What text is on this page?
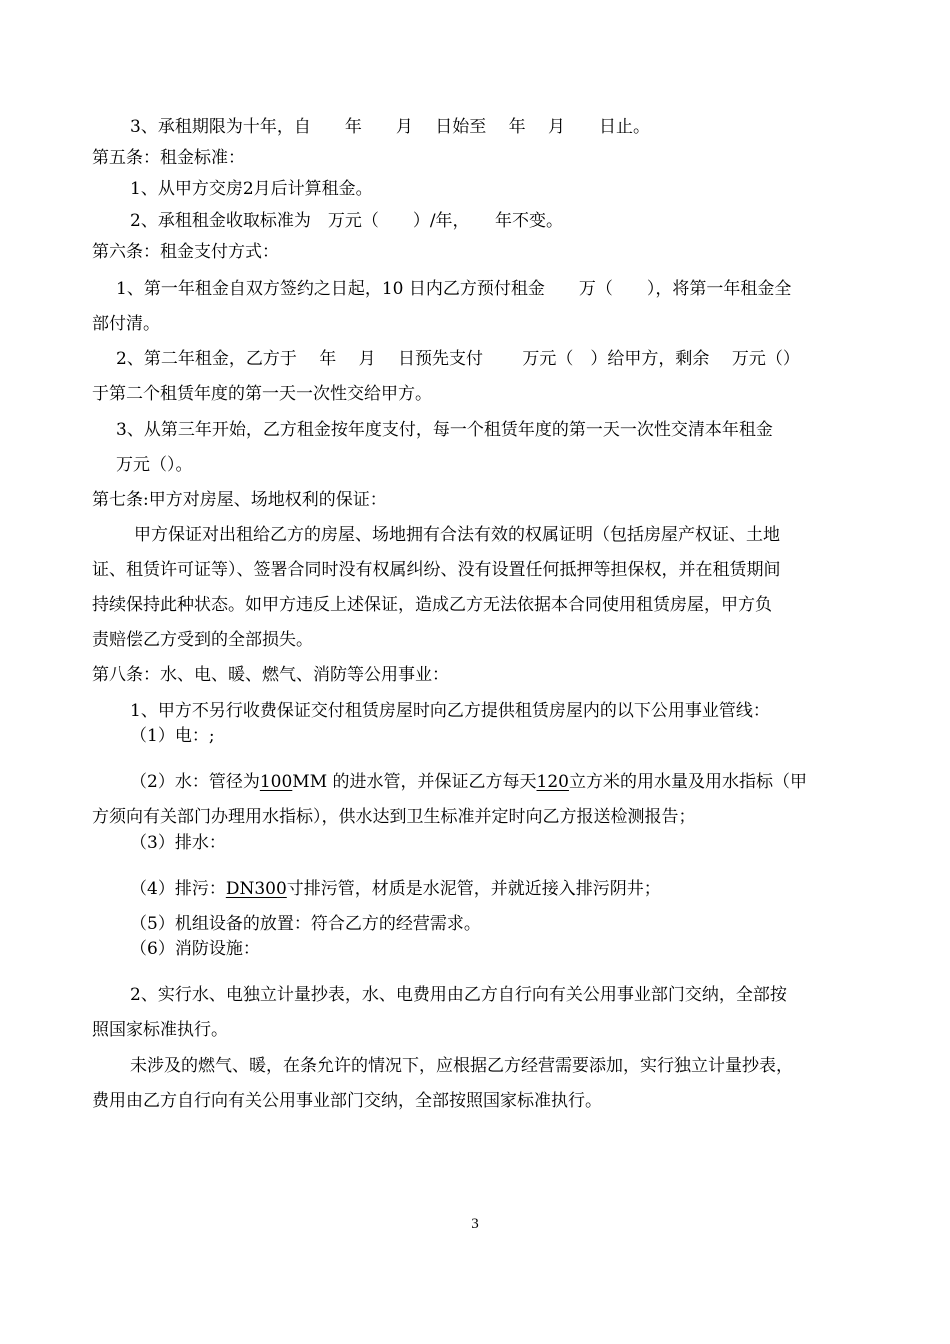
3、承租期限为十年，自　　年　　月　 日始至　 年　 月　　日止。
第五条：租金标准：
1、从甲方交房2月后计算租金。
2、承租租金收取标准为　万元（　　）/年，　　年不变。
第六条：租金支付方式：
1、第一年租金自双方签约之日起，10 日内乙方预付租金　　万（　　），将第一年租金全
部付清。
2、第二年租金，乙方于　 年　 月　 日预先支付　　 万元（　）给甲方，剩余　 万元（）
于第二个租赁年度的第一天一次性交给甲方。
3、从第三年开始，乙方租金按年度支付，每一个租赁年度的第一天一次性交清本年租金
万元（）。
第七条:甲方对房屋、场地权利的保证：
甲方保证对出租给乙方的房屋、场地拥有合法有效的权属证明（包括房屋产权证、土地
证、租赁许可证等）、签署合同时没有权属纠纷、没有设置任何抵押等担保权，并在租赁期间
持续保持此种状态。如甲方违反上述保证，造成乙方无法依据本合同使用租赁房屋，甲方负
责赔偿乙方受到的全部损失。
第八条：水、电、暖、燃气、消防等公用事业：
1、甲方不另行收费保证交付租赁房屋时向乙方提供租赁房屋内的以下公用事业管线：
（1）电：;
（2）水：管径为100MM 的进水管，并保证乙方每天120立方米的用水量及用水指标（甲
方须向有关部门办理用水指标），供水达到卫生标准并定时向乙方报送检测报告；
（3）排水：
（4）排污：DN300寸排污管，材质是水泥管，并就近接入排污阴井；
（5）机组设备的放置：符合乙方的经营需求。
（6）消防设施：
2、实行水、电独立计量抄表，水、电费用由乙方自行向有关公用事业部门交纳，全部按
照国家标准执行。
未涉及的燃气、暖，在条允许的情况下，应根据乙方经营需要添加，实行独立计量抄表，
费用由乙方自行向有关公用事业部门交纳，全部按照国家标准执行。
3
